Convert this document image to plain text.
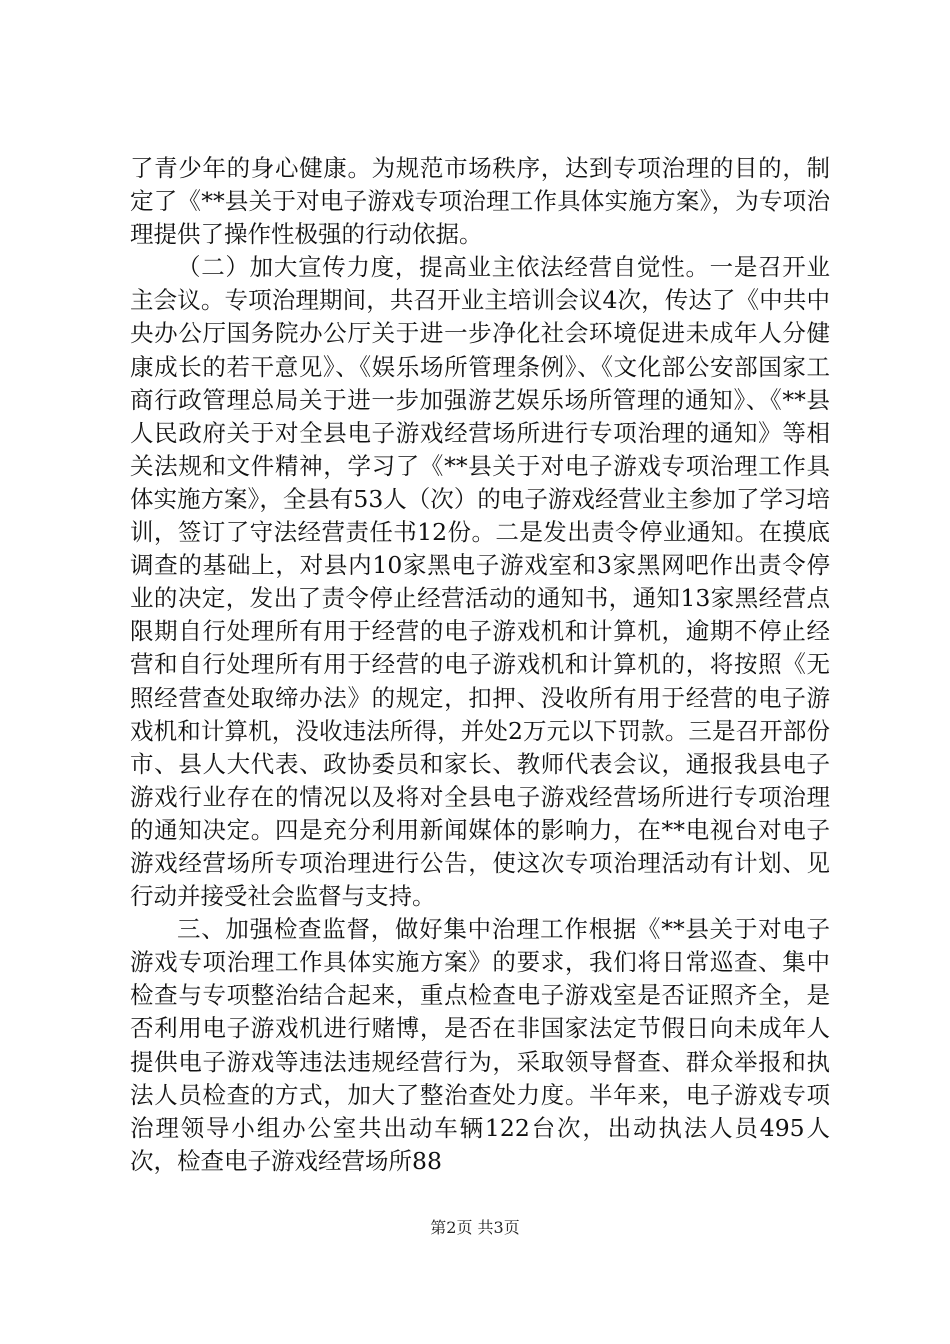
了青少年的身心健康。为规范市场秩序，达到专项治理的目的，制定了《**县关于对电子游戏专项治理工作具体实施方案》，为专项治理提供了操作性极强的行动依据。

（二）加大宣传力度，提高业主依法经营自觉性。一是召开业主会议。专项治理期间，共召开业主培训会议4次，传达了《中共中央办公厅国务院办公厅关于进一步净化社会环境促进未成年人分健康成长的若干意见》、《娱乐场所管理条例》、《文化部公安部国家工商行政管理总局关于进一步加强游艺娱乐场所管理的通知》、《**县人民政府关于对全县电子游戏经营场所进行专项治理的通知》等相关法规和文件精神，学习了《**县关于对电子游戏专项治理工作具体实施方案》，全县有53人（次）的电子游戏经营业主参加了学习培训，签订了守法经营责任书12份。二是发出责令停业通知。在摸底调查的基础上，对县内10家黑电子游戏室和3家黑网吧作出责令停业的决定，发出了责令停止经营活动的通知书，通知13家黑经营点限期自行处理所有用于经营的电子游戏机和计算机，逾期不停止经营和自行处理所有用于经营的电子游戏机和计算机的，将按照《无照经营查处取缔办法》的规定，扣押、没收所有用于经营的电子游戏机和计算机，没收违法所得，并处2万元以下罚款。三是召开部份市、县人大代表、政协委员和家长、教师代表会议，通报我县电子游戏行业存在的情况以及将对全县电子游戏经营场所进行专项治理的通知决定。四是充分利用新闻媒体的影响力，在**电视台对电子游戏经营场所专项治理进行公告，使这次专项治理活动有计划、见行动并接受社会监督与支持。

三、加强检查监督，做好集中治理工作根据《**县关于对电子游戏专项治理工作具体实施方案》的要求，我们将日常巡查、集中检查与专项整治结合起来，重点检查电子游戏室是否证照齐全，是否利用电子游戏机进行赌博，是否在非国家法定节假日向未成年人提供电子游戏等违法违规经营行为，采取领导督查、群众举报和执法人员检查的方式，加大了整治查处力度。半年来，电子游戏专项治理领导小组办公室共出动车辆122台次，出动执法人员495人次，检查电子游戏经营场所88

第2页 共3页
